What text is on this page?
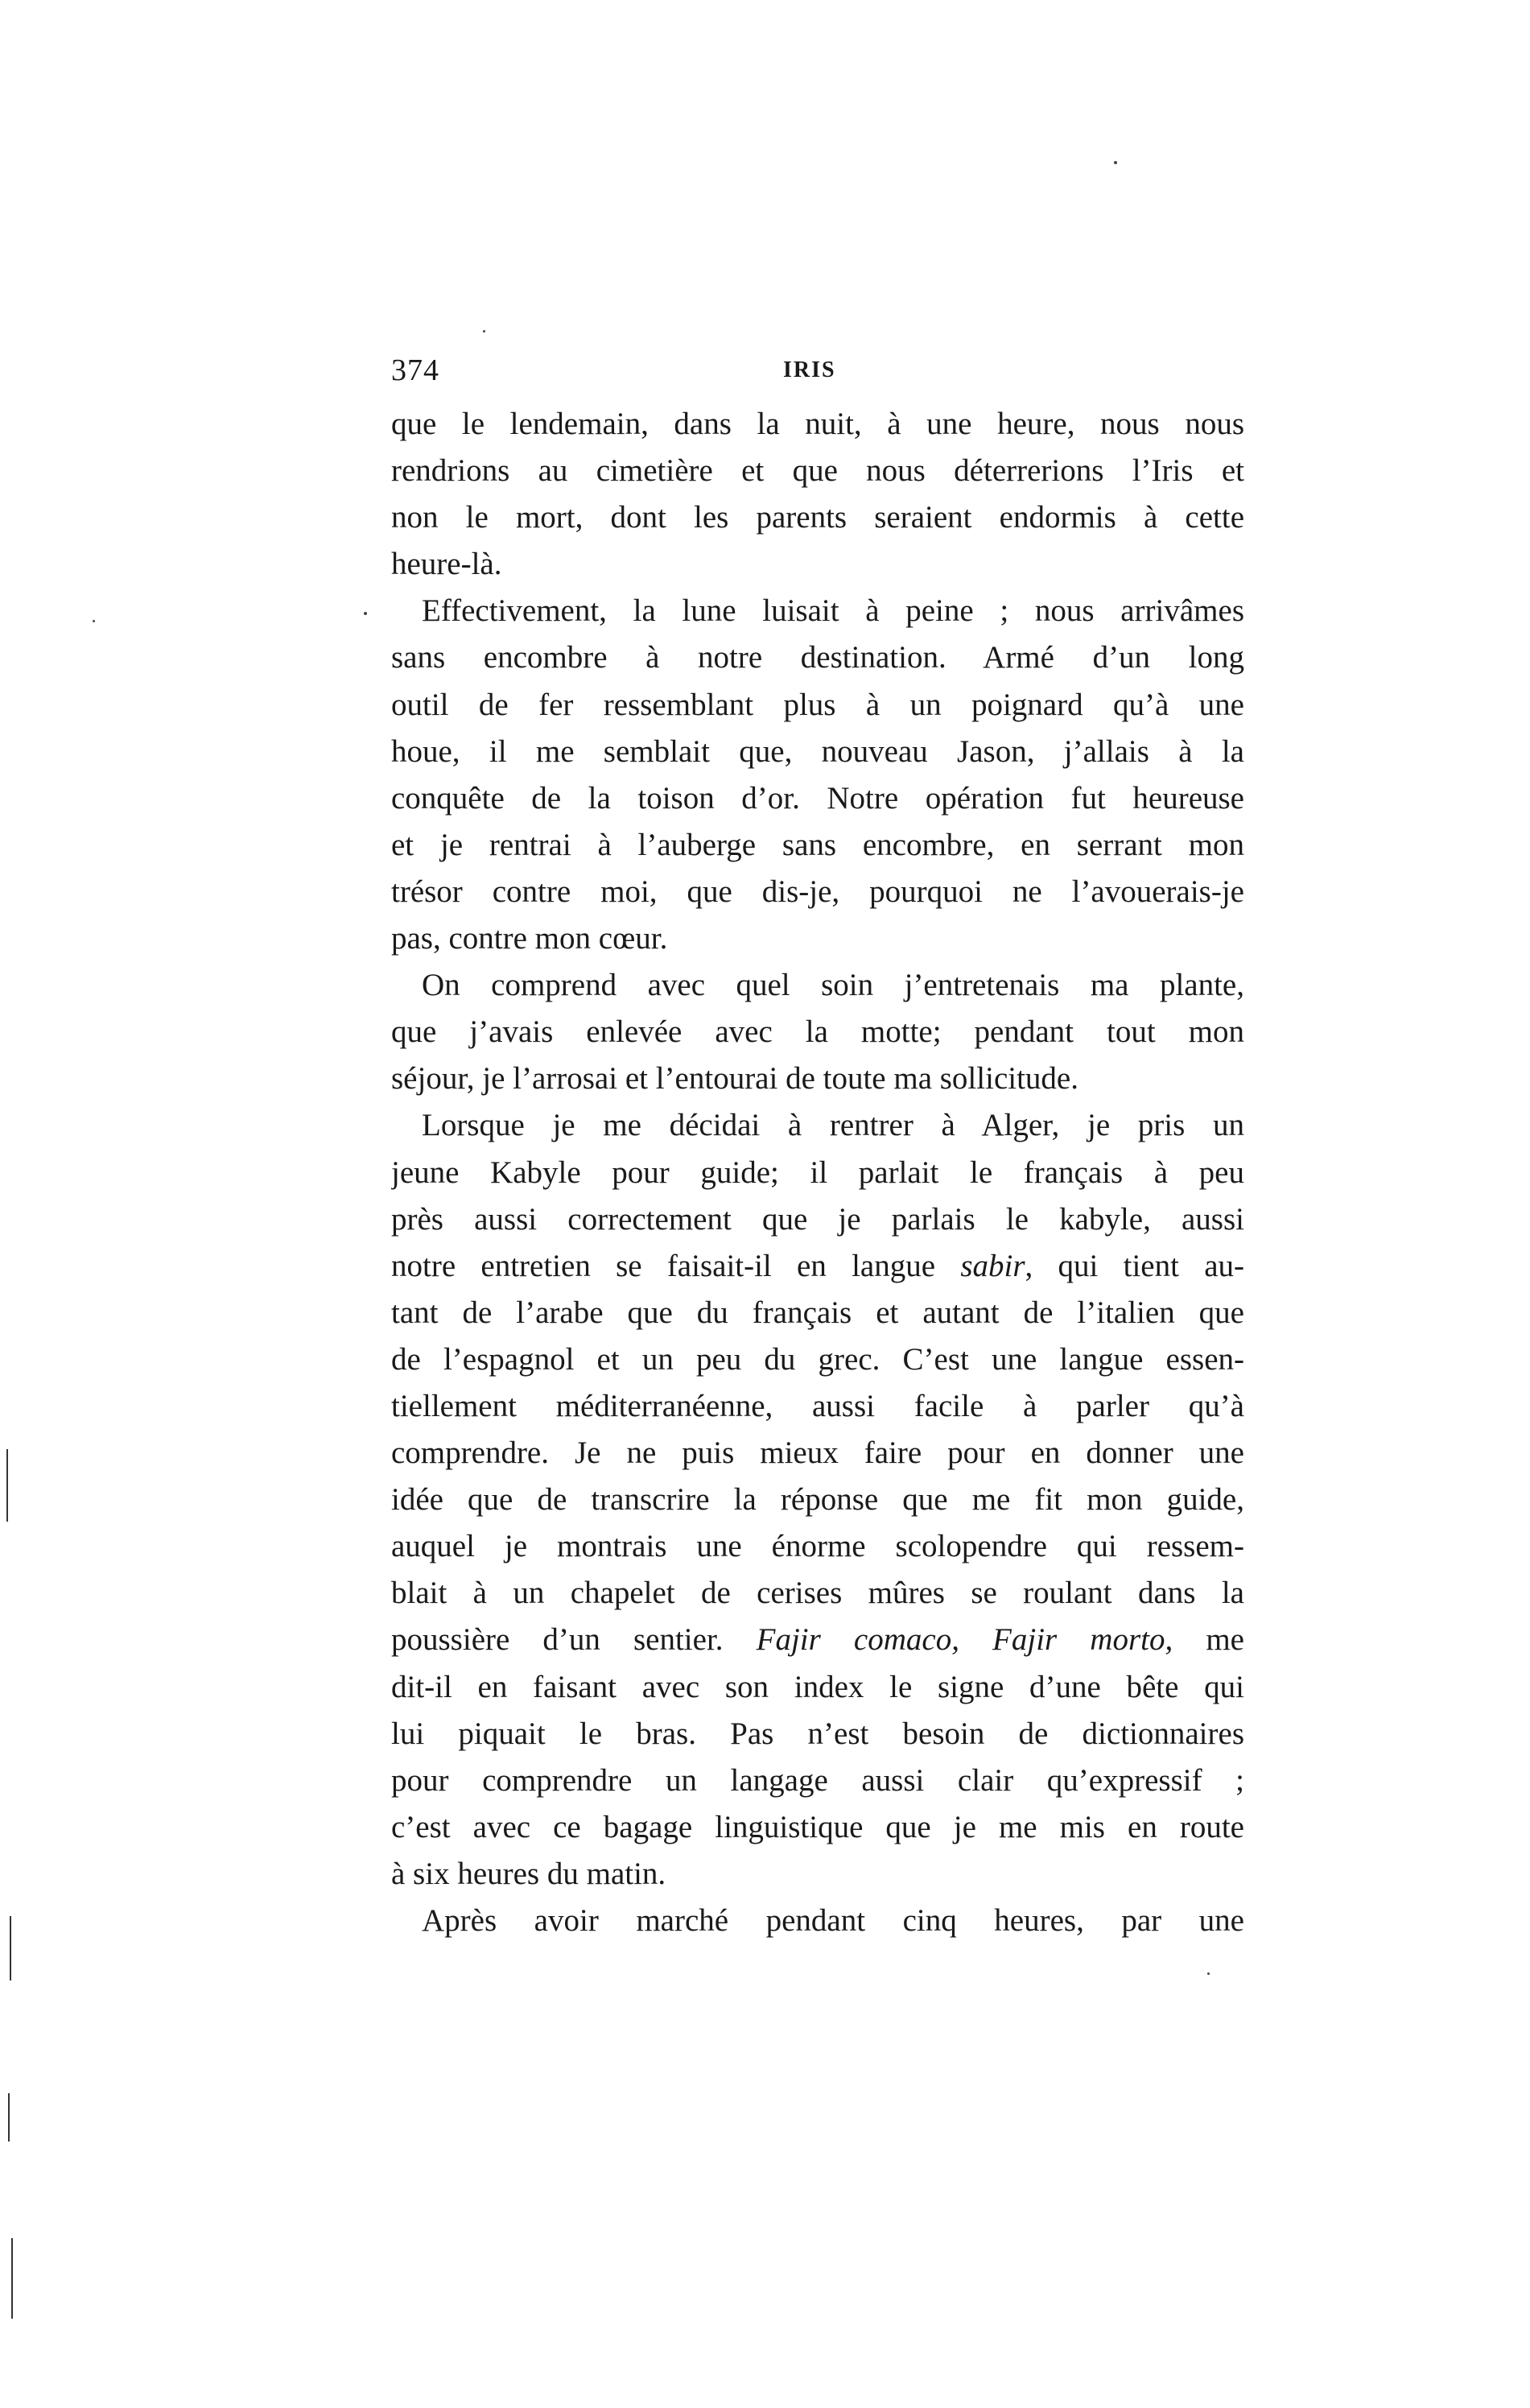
374	IRIS
que le lendemain, dans la nuit, à une heure, nous nous
rendrions au cimetière et que nous déterrerions l’Iris et
non le mort, dont les parents seraient endormis à cette
heure-là.
Effectivement, la lune luisait à peine ; nous arrivâmes
sans encombre à notre destination. Armé d’un long
outil de fer ressemblant plus à un poignard qu’à une
houe, il me semblait que, nouveau Jason, j’allais à la
conquête de la toison d’or. Notre opération fut heureuse
et je rentrai à l’auberge sans encombre, en serrant mon
trésor contre moi, que dis-je, pourquoi ne l’avouerais-je
pas, contre mon cœur.
On comprend avec quel soin j’entretenais ma plante,
que j’avais enlevée avec la motte; pendant tout mon
séjour, je l’arrosai et l’entourai de toute ma sollicitude.
Lorsque je me décidai à rentrer à Alger, je pris un
jeune Kabyle pour guide; il parlait le français à peu
près aussi correctement que je parlais le kabyle, aussi
notre entretien se faisait-il en langue sabir, qui tient au-
tant de l’arabe que du français et autant de l’italien que
de l’espagnol et un peu du grec. C’est une langue essen-
tiellement méditerranéenne, aussi facile à parler qu’à
comprendre. Je ne puis mieux faire pour en donner une
idée que de transcrire la réponse que me fit mon guide,
auquel je montrais une énorme scolopendre qui ressem-
blait à un chapelet de cerises mûres se roulant dans la
poussière d’un sentier. Fajir comaco, Fajir morto, me
dit-il en faisant avec son index le signe d’une bête qui
lui piquait le bras. Pas n’est besoin de dictionnaires
pour comprendre un langage aussi clair qu’expressif ;
c’est avec ce bagage linguistique que je me mis en route
à six heures du matin.
Après avoir marché pendant cinq heures, par une
